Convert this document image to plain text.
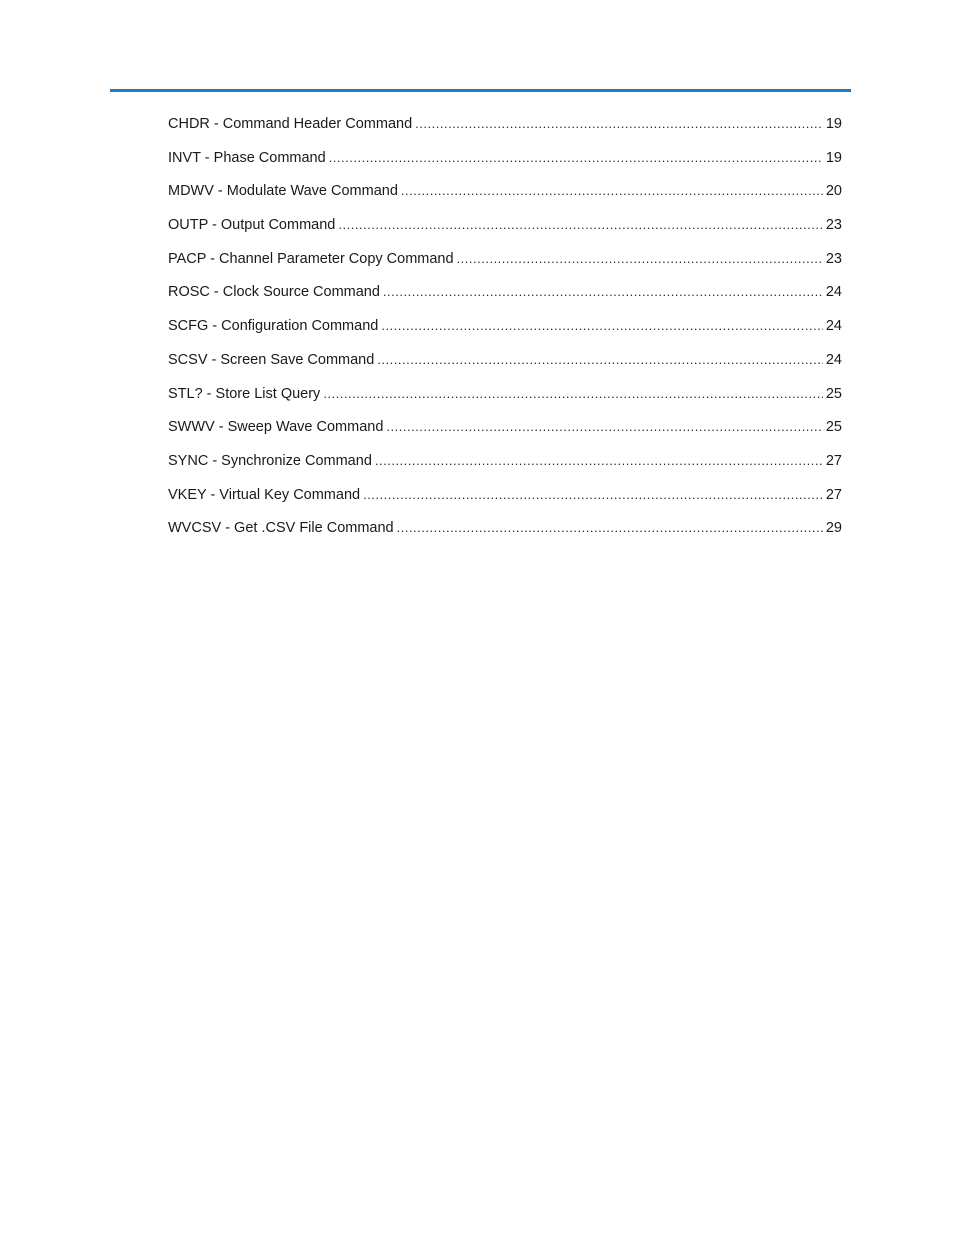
CHDR - Command Header Command .....	19
INVT - Phase Command .....	19
MDWV - Modulate Wave Command .....	20
OUTP - Output Command .....	23
PACP - Channel Parameter Copy Command .....	23
ROSC - Clock Source Command .....	24
SCFG - Configuration Command .....	24
SCSV - Screen Save Command .....	24
STL? - Store List Query .....	25
SWWV - Sweep Wave Command .....	25
SYNC - Synchronize Command .....	27
VKEY - Virtual Key Command .....	27
WVCSV - Get .CSV File Command .....	29
